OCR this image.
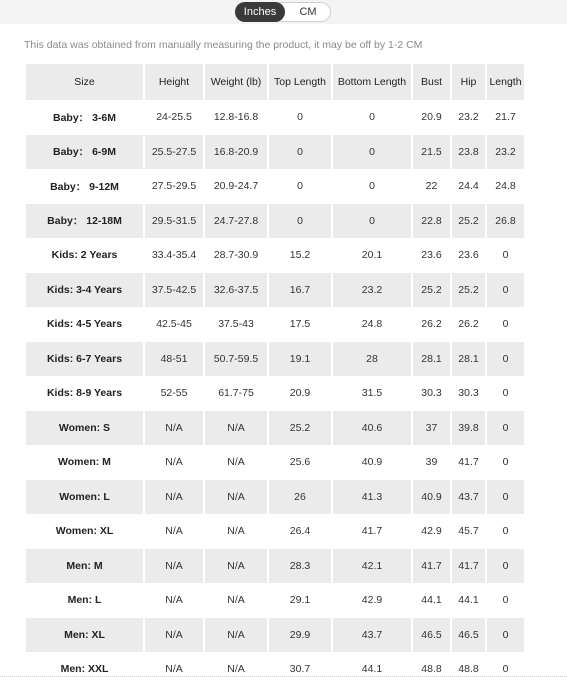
Inches	CM
This data was obtained from manually measuring the product, it may be off by 1-2 CM
Size	Height	Weight (lb)	Top Length	Bottom Length	Bust	Hip	Length
Baby： 3-6M	24-25.5	12.8-16.8	0	0	20.9	23.2	21.7
Baby： 6-9M	25.5-27.5	16.8-20.9	0	0	21.5	23.8	23.2
Baby： 9-12M	27.5-29.5	20.9-24.7	0	0	22	24.4	24.8
Baby： 12-18M	29.5-31.5	24.7-27.8	0	0	22.8	25.2	26.8
Kids: 2 Years	33.4-35.4	28.7-30.9	15.2	20.1	23.6	23.6	0
Kids: 3-4 Years	37.5-42.5	32.6-37.5	16.7	23.2	25.2	25.2	0
Kids: 4-5 Years	42.5-45	37.5-43	17.5	24.8	26.2	26.2	0
Kids: 6-7 Years	48-51	50.7-59.5	19.1	28	28.1	28.1	0
Kids: 8-9 Years	52-55	61.7-75	20.9	31.5	30.3	30.3	0
Women: S	N/A	N/A	25.2	40.6	37	39.8	0
Women: M	N/A	N/A	25.6	40.9	39	41.7	0
Women: L	N/A	N/A	26	41.3	40.9	43.7	0
Women: XL	N/A	N/A	26.4	41.7	42.9	45.7	0
Men: M	N/A	N/A	28.3	42.1	41.7	41.7	0
Men: L	N/A	N/A	29.1	42.9	44.1	44.1	0
Men: XL	N/A	N/A	29.9	43.7	46.5	46.5	0
Men: XXL	N/A	N/A	30.7	44.1	48.8	48.8	0
